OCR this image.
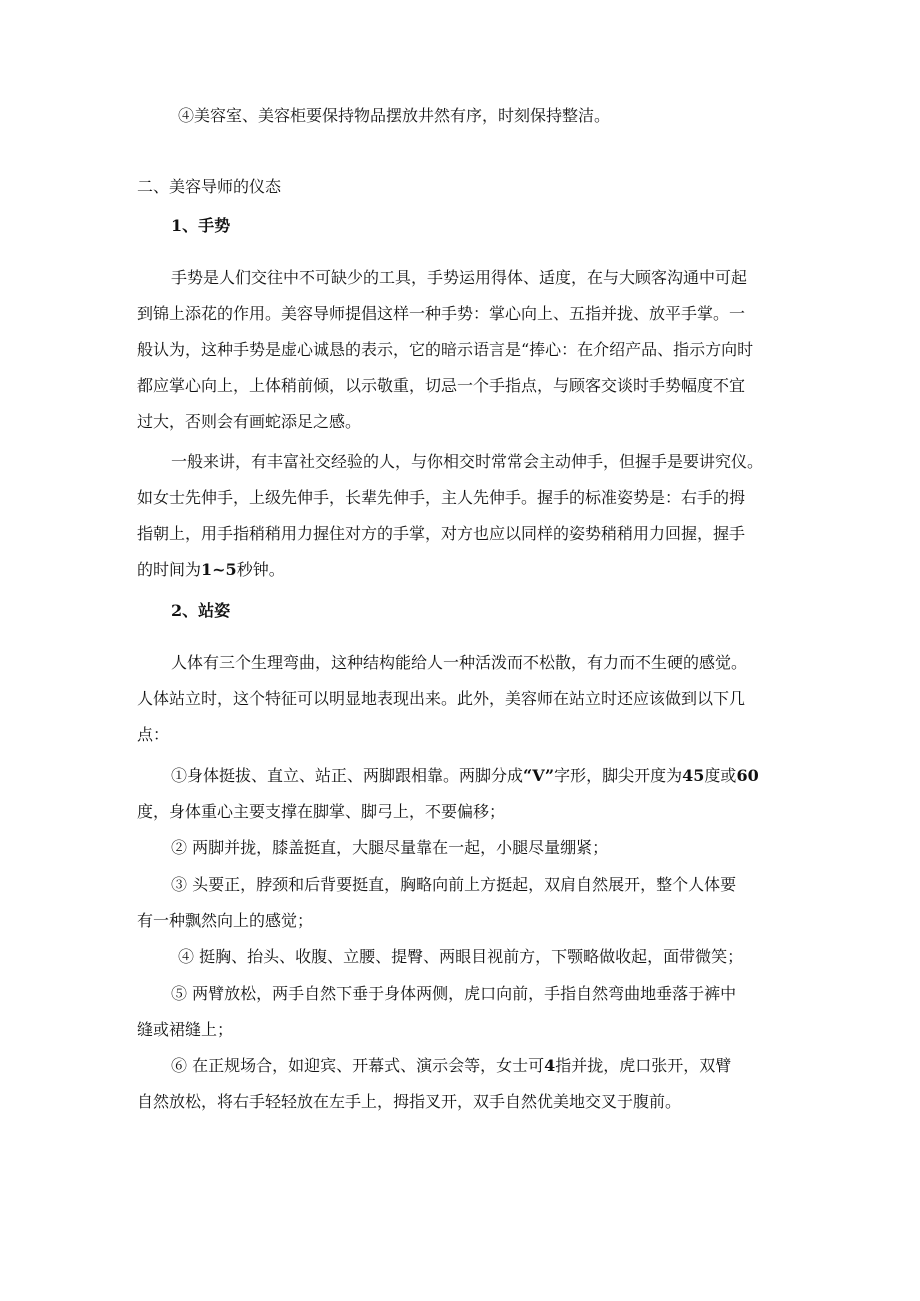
④美容室、美容柜要保持物品摆放井然有序，时刻保持整洁。
二、美容导师的仪态
1、手势
手势是人们交往中不可缺少的工具，手势运用得体、适度，在与大顾客沟通中可起
到锦上添花的作用。美容导师提倡这样一种手势：掌心向上、五指并拢、放平手掌。一
般认为，这种手势是虚心诚恳的表示，它的暗示语言是“捧心：在介绍产品、指示方向时
都应掌心向上，上体稍前倾，以示敬重，切忌一个手指点，与顾客交谈时手势幅度不宜
过大，否则会有画蛇添足之感。
一般来讲，有丰富社交经验的人，与你相交时常常会主动伸手，但握手是要讲究仪。
如女士先伸手，上级先伸手，长辈先伸手，主人先伸手。握手的标准姿势是：右手的拇
指朝上，用手指稍稍用力握住对方的手掌，对方也应以同样的姿势稍稍用力回握，握手
的时间为1~5秒钟。
2、站姿
人体有三个生理弯曲，这种结构能给人一种活泼而不松散，有力而不生硬的感觉。
人体站立时，这个特征可以明显地表现出来。此外，美容师在站立时还应该做到以下几
点：
①身体挺拔、直立、站正、两脚跟相靠。两脚分成“V”字形，脚尖开度为45度或60
度，身体重心主要支撑在脚掌、脚弓上，不要偏移；
② 两脚并拢，膝盖挺直，大腿尽量靠在一起，小腿尽量绷紧；
③ 头要正，脖颈和后背要挺直，胸略向前上方挺起，双肩自然展开，整个人体要
有一种飘然向上的感觉；
④ 挺胸、抬头、收腹、立腰、提臀、两眼目视前方，下颚略做收起，面带微笑；
⑤ 两臂放松，两手自然下垂于身体两侧，虎口向前，手指自然弯曲地垂落于裤中
缝或裙缝上；
⑥ 在正规场合，如迎宾、开幕式、演示会等，女士可4指并拢，虎口张开，双臂
自然放松，将右手轻轻放在左手上，拇指叉开，双手自然优美地交叉于腹前。
